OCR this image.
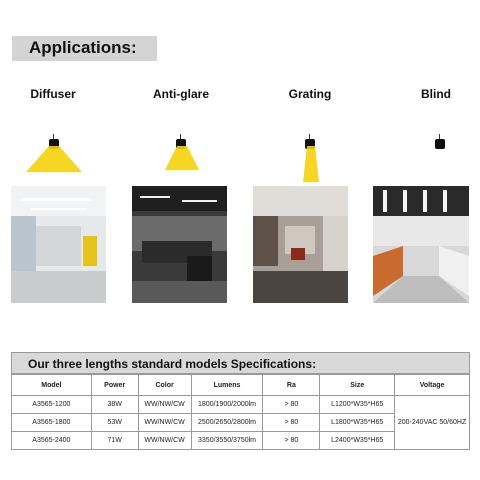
Applications:
Diffuser	Anti-glare	Grating	Blind
Our three lengths standard models Specifications:
Model	Power	Color	Lumens	Ra	Size	Voltage
A3565-1200	38W	WW/NW/CW	1800/1900/2000lm	> 80	L1200*W35*H65	200-240VAC 50/60HZ
A3565-1800	53W	WW/NW/CW	2500/2650/2800lm	> 80	L1800*W35*H65	
A3565-2400	71W	WW/NW/CW	3350/3550/3750lm	> 80	L2400*W35*H65	
